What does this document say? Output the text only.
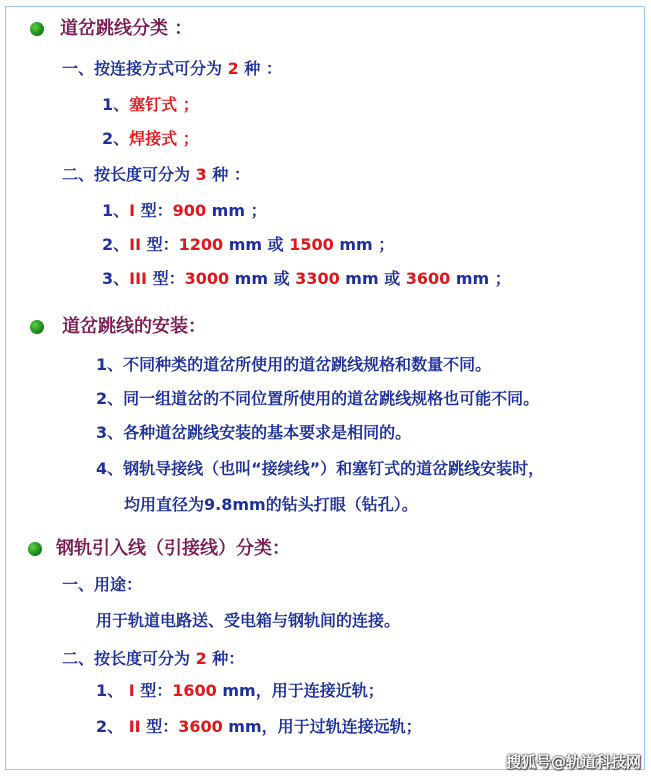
道岔跳线分类 ：
一、按连接方式可分为 2 种 ：
1、塞钉式 ；
2、焊接式 ；
二、按长度可分为 3 种 ：
1、I 型：900 mm ；
2、II 型：1200 mm 或 1500 mm ；
3、III 型：3000 mm 或 3300 mm 或 3600 mm ；
道岔跳线的安装：
1、不同种类的道岔所使用的道岔跳线规格和数量不同。
2、同一组道岔的不同位置所使用的道岔跳线规格也可能不同。
3、各种道岔跳线安装的基本要求是相同的。
4、钢轨导接线（也叫“接续线”）和塞钉式的道岔跳线安装时，
均用直径为9.8mm的钻头打眼（钻孔）。
钢轨引入线（引接线）分类：
一、用途：
用于轨道电路送、受电箱与钢轨间的连接。
二、按长度可分为 2 种：
1、 I 型：1600 mm，用于连接近轨；
2、 II 型：3600 mm，用于过轨连接远轨；
搜狐号@轨道科技网
